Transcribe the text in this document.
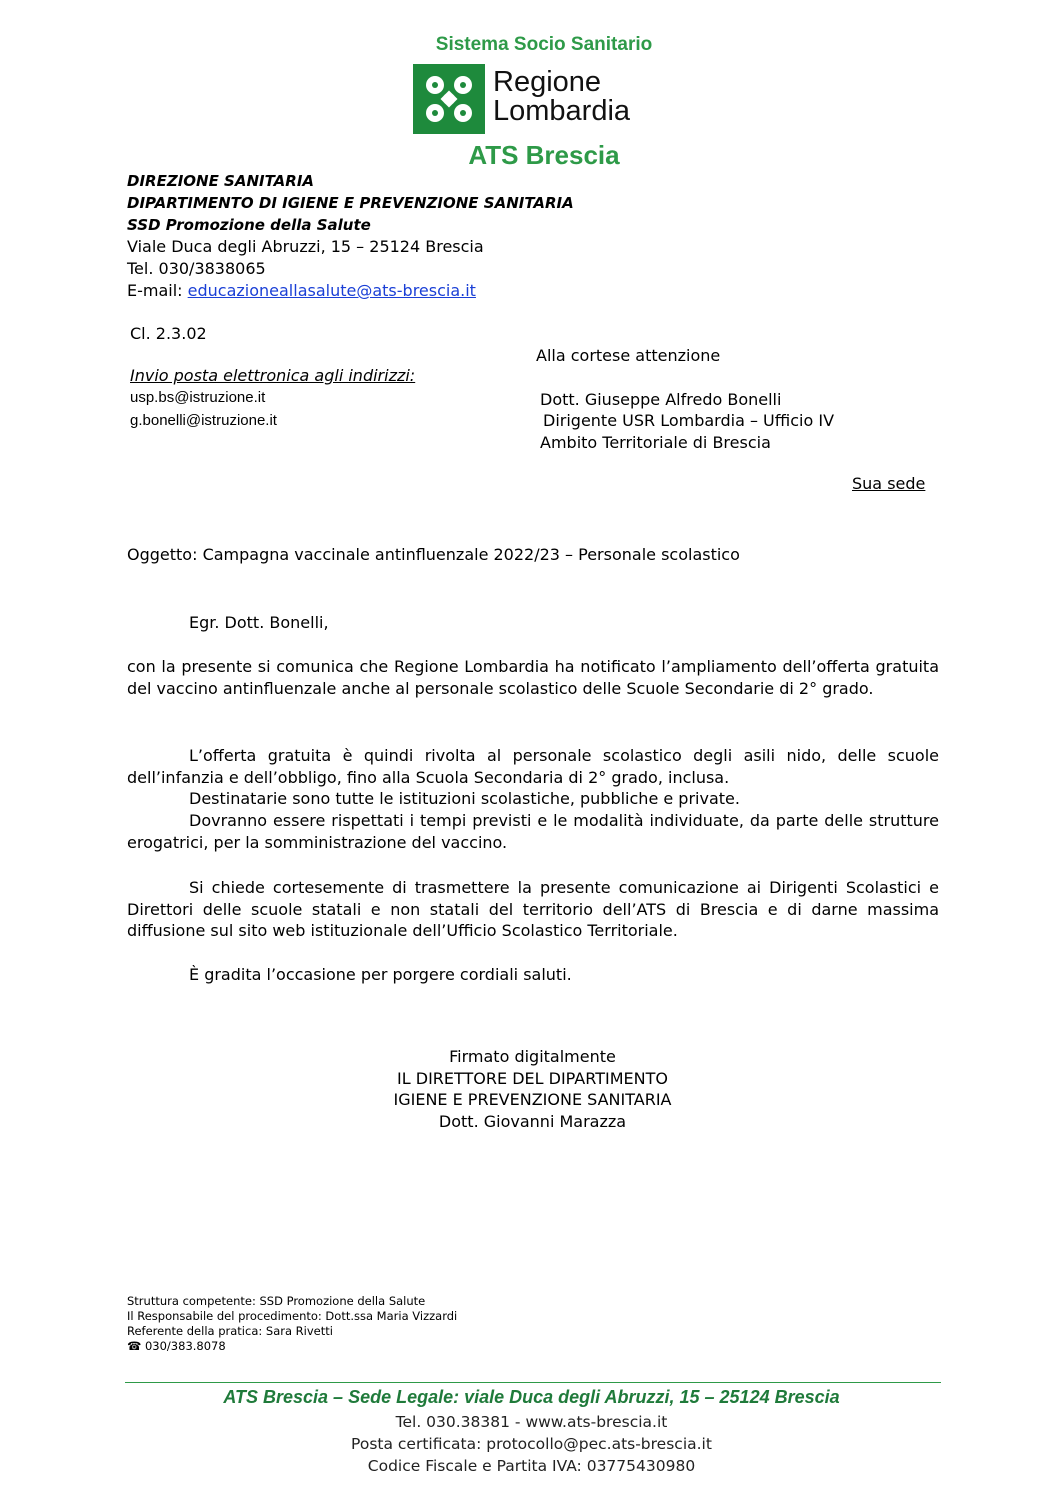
Sistema Socio Sanitario
Regione
Lombardia
ATS Brescia
DIREZIONE SANITARIA
DIPARTIMENTO DI IGIENE E PREVENZIONE SANITARIA
SSD Promozione della Salute
Viale Duca degli Abruzzi, 15 – 25124 Brescia
Tel. 030/3838065
E-mail: educazioneallasalute@ats-brescia.it
Cl. 2.3.02
Invio posta elettronica agli indirizzi:
usp.bs@istruzione.it
g.bonelli@istruzione.it
Alla cortese attenzione
Dott. Giuseppe Alfredo Bonelli
Dirigente USR Lombardia – Ufficio IV
Ambito Territoriale di Brescia
Sua sede
Oggetto: Campagna vaccinale antinfluenzale 2022/23 – Personale scolastico
Egr. Dott. Bonelli,
con la presente si comunica che Regione Lombardia ha notificato l’ampliamento dell’offerta gratuita del vaccino antinfluenzale anche al personale scolastico delle Scuole Secondarie di 2° grado.
L’offerta gratuita è quindi rivolta al personale scolastico degli asili nido, delle scuole dell’infanzia e dell’obbligo, fino alla Scuola Secondaria di 2° grado, inclusa.
Destinatarie sono tutte le istituzioni scolastiche, pubbliche e private.
Dovranno essere rispettati i tempi previsti e le modalità individuate, da parte delle strutture erogatrici, per la somministrazione del vaccino.
Si chiede cortesemente di trasmettere la presente comunicazione ai Dirigenti Scolastici e Direttori delle scuole statali e non statali del territorio dell’ATS di Brescia e di darne massima diffusione sul sito web istituzionale dell’Ufficio Scolastico Territoriale.
È gradita l’occasione per porgere cordiali saluti.
Firmato digitalmente
IL DIRETTORE DEL DIPARTIMENTO
IGIENE E PREVENZIONE SANITARIA
Dott. Giovanni Marazza
Struttura competente: SSD Promozione della Salute
Il Responsabile del procedimento: Dott.ssa Maria Vizzardi
Referente della pratica: Sara Rivetti
☎ 030/383.8078
ATS Brescia – Sede Legale: viale Duca degli Abruzzi, 15 – 25124 Brescia
Tel. 030.38381 - www.ats-brescia.it
Posta certificata: protocollo@pec.ats-brescia.it
Codice Fiscale e Partita IVA: 03775430980
